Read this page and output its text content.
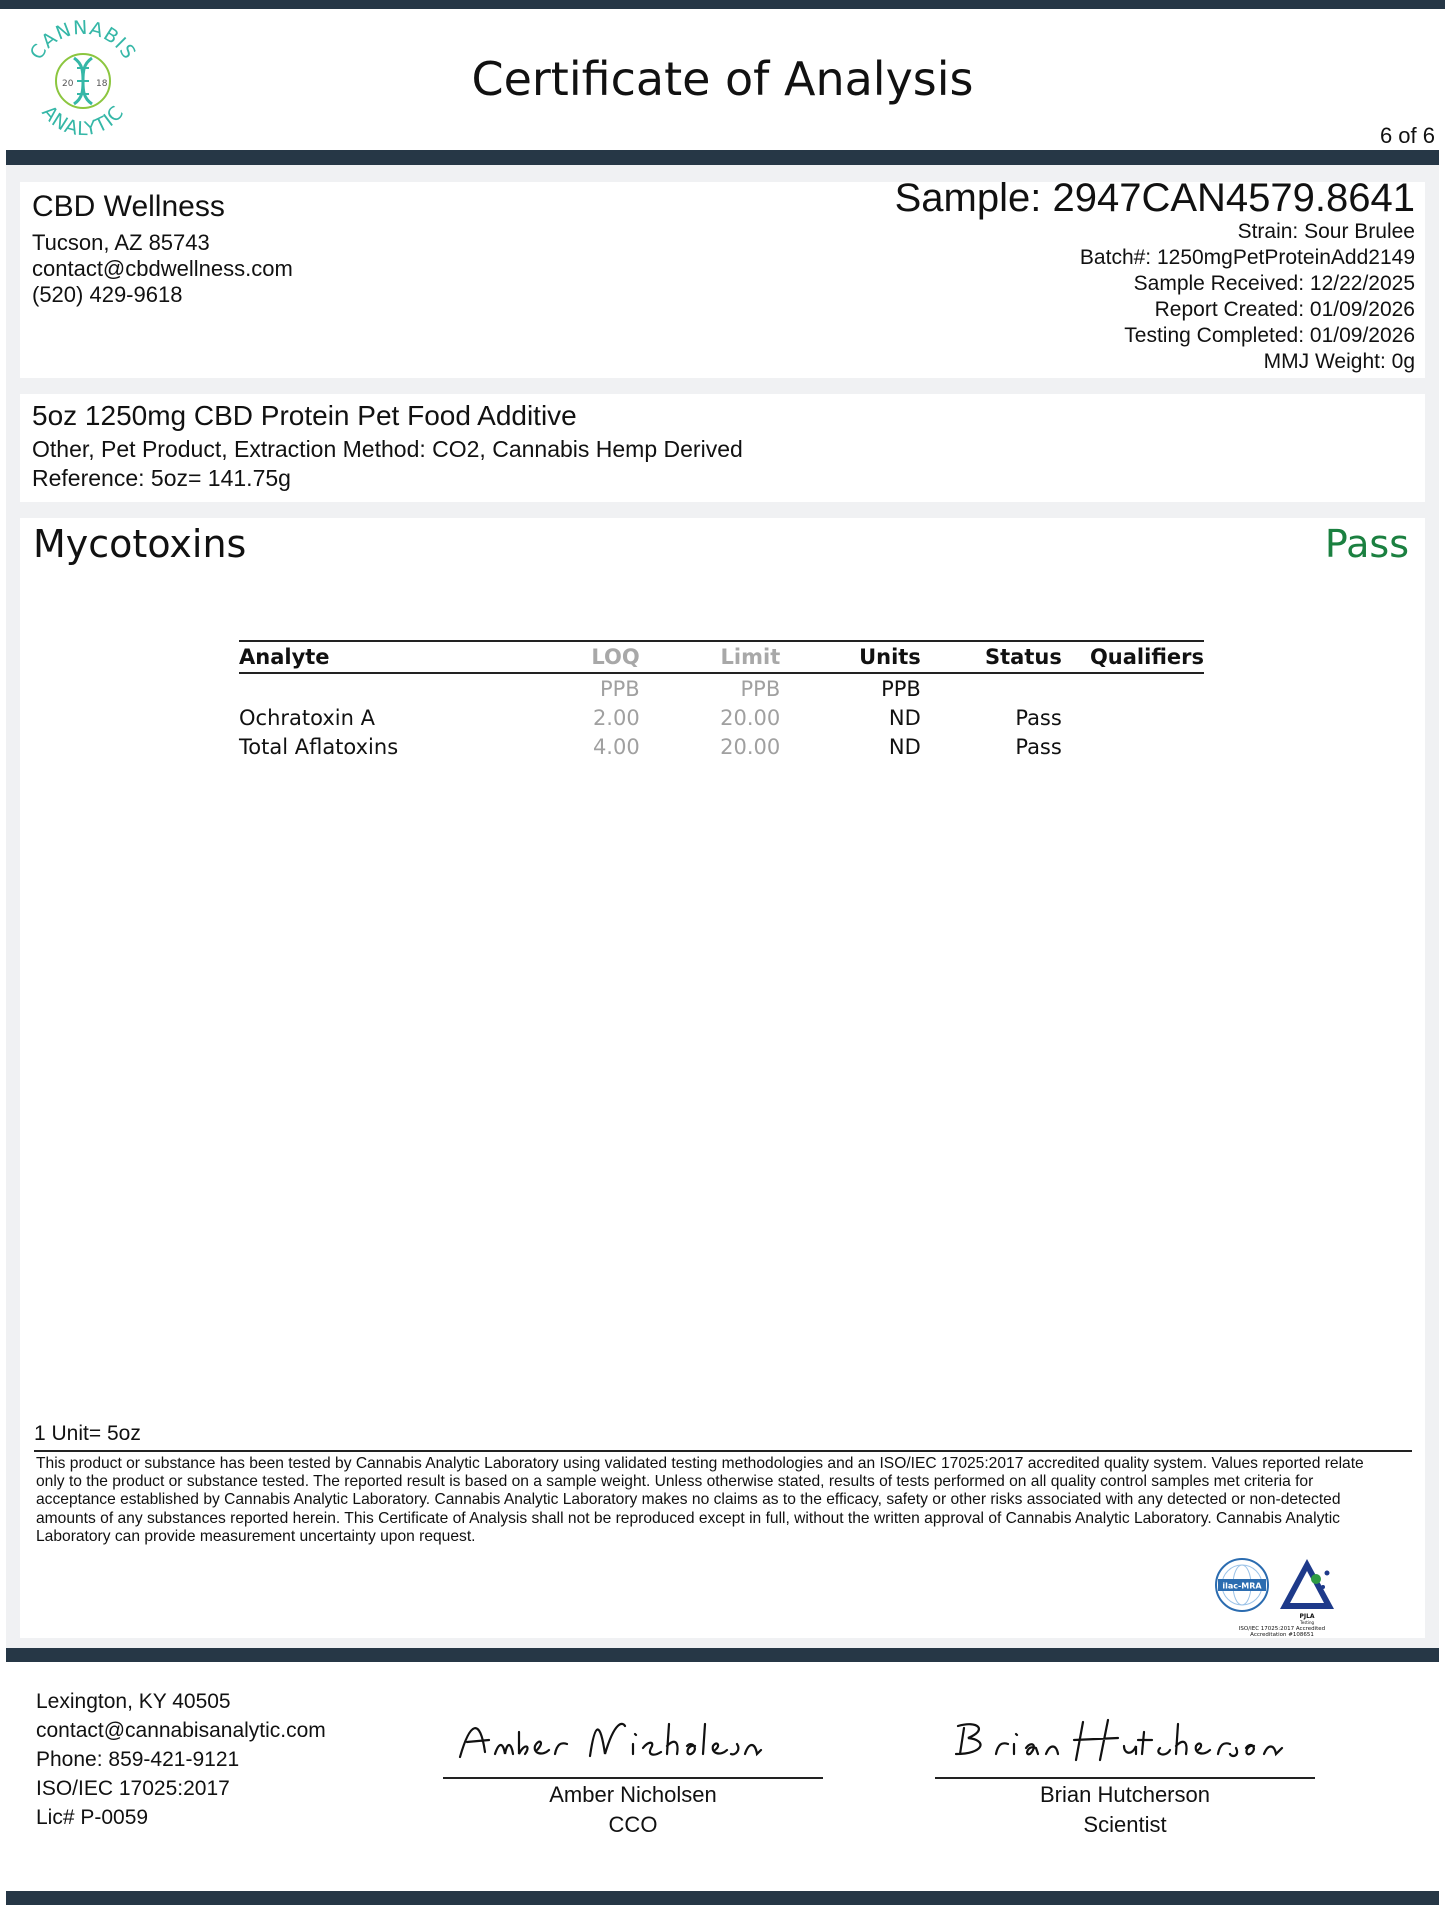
CANNABIS
ANALYTIC
20	18	Certificate of Analysis
6 of 6
CBD Wellness
Tucson, AZ 85743
contact@cbdwellness.com
(520) 429-9618
Sample: 2947CAN4579.8641
Strain: Sour Brulee
Batch#: 1250mgPetProteinAdd2149
Sample Received: 12/22/2025
Report Created: 01/09/2026
Testing Completed: 01/09/2026
MMJ Weight: 0g
5oz 1250mg CBD Protein Pet Food Additive
Other, Pet Product, Extraction Method: CO2, Cannabis Hemp Derived
Reference: 5oz= 141.75g
Mycotoxins	Pass
Analyte	LOQ	Limit	Units	Status	Qualifiers
	PPB	PPB	PPB		
Ochratoxin A	2.00	20.00	ND	Pass	
Total Aflatoxins	4.00	20.00	ND	Pass	
1 Unit= 5oz
This product or substance has been tested by Cannabis Analytic Laboratory using validated testing methodologies and an ISO/IEC 17025:2017 accredited quality system. Values reported relate only to the product or substance tested. The reported result is based on a sample weight. Unless otherwise stated, results of tests performed on all quality control samples met criteria for acceptance established by Cannabis Analytic Laboratory. Cannabis Analytic Laboratory makes no claims as to the efficacy, safety or other risks associated with any detected or non-detected amounts of any substances reported herein. This Certificate of Analysis shall not be reproduced except in full, without the written approval of Cannabis Analytic Laboratory. Cannabis Analytic Laboratory can provide measurement uncertainty upon request.
ilac-MRA
PJLA
Testing
ISO/IEC 17025:2017 Accredited
Accreditation #108651
Lexington, KY 40505
contact@cannabisanalytic.com
Phone: 859-421-9121
ISO/IEC 17025:2017
Lic# P-0059
Amber Nicholsen
CCO
Brian Hutcherson
Scientist
